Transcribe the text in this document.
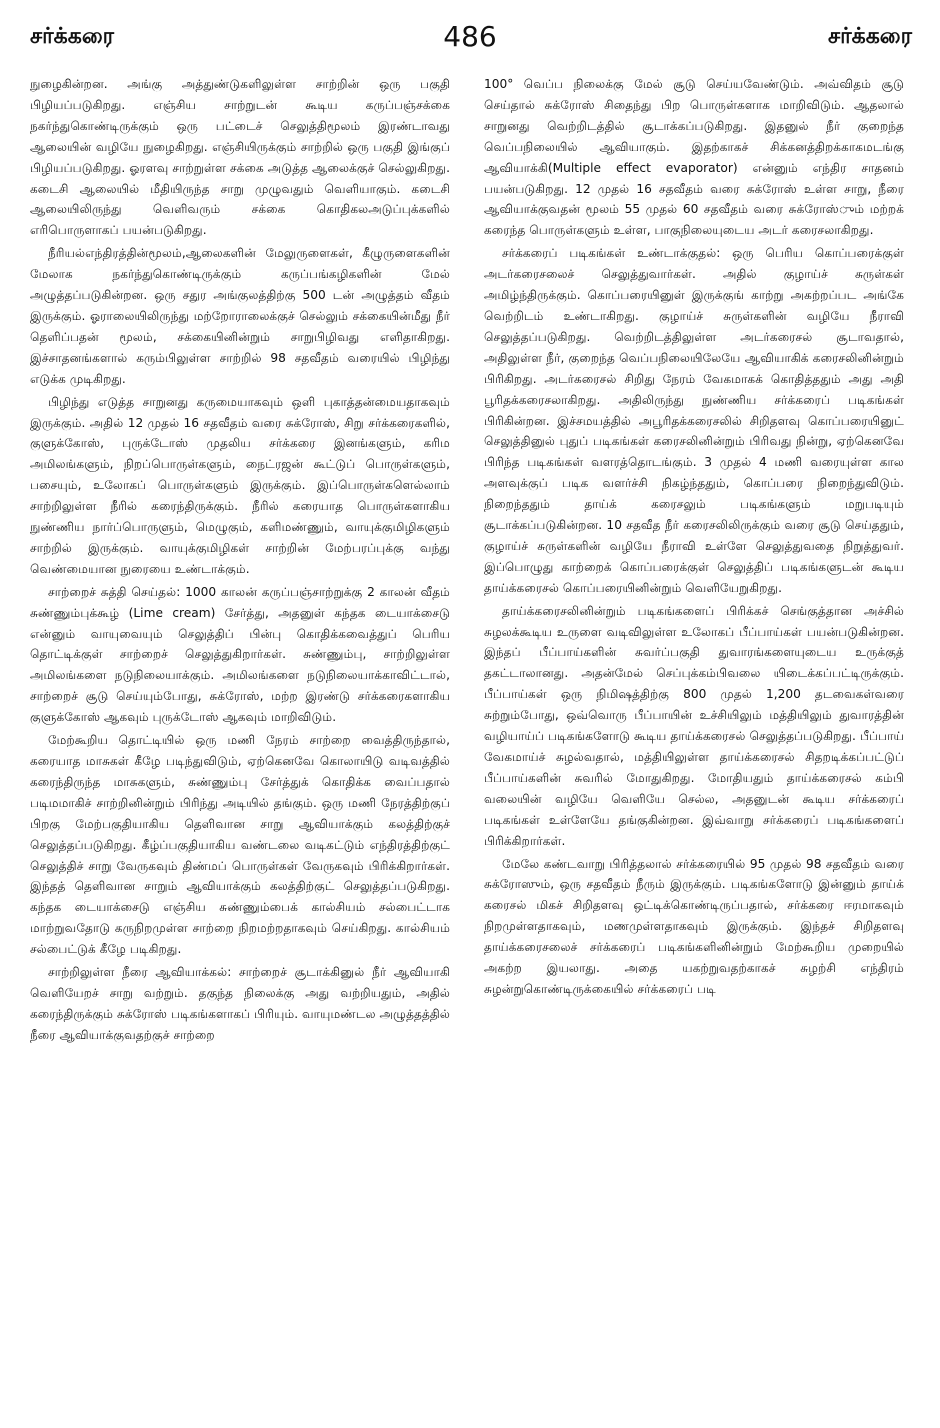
சர்க்கரை	486	சர்க்கரை

நுழைகின்றன. அங்கு அத்துண்டுகளிலுள்ள சாற்றின் ஒரு பகுதி பிழியப்படுகிறது. எஞ்சிய சாற்றுடன் கூடிய கருப்பஞ்சக்கை நகர்ந்துகொண்டிருக்கும் ஒரு பட்டைச் செலுத்திமூலம் இரண்டாவது ஆலையின் வழியே நுழைகிறது. எஞ்சியிருக்கும் சாற்றில் ஒரு பகுதி இங்குப் பிழியப்படுகிறது. ஓரளவு சாற்றுள்ள சக்கை அடுத்த ஆலைக்குச் செல்லுகிறது. கடைசி ஆலையில் மீதியிருந்த சாறு முழுவதும் வெளியாகும். கடைசி ஆலையிலிருந்து வெளிவரும் சக்கை கொதிகலஅடுப்புக்களில் எரிபொருளாகப் பயன்படுகிறது.

நீரியல்எந்திரத்தின்மூலம்,ஆலைகளின் மேலுருளைகள், கீழுருளைகளின் மேலாக நகர்ந்துகொண்டிருக்கும் கருப்பங்கழிகளின் மேல் அழுத்தப்படுகின்றன. ஒரு சதுர அங்குலத்திற்கு 500 டன் அழுத்தம் வீதம் இருக்கும். ஓராலையிலிருந்து மற்றோராலைக்குச் செல்லும் சக்கையின்மீது நீர் தெளிப்பதன் மூலம், சக்கையினின்றும் சாறுபிழிவது எளிதாகிறது. இச்சாதனங்களால் கரும்பிலுள்ள சாற்றில் 98 சதவீதம் வரையில் பிழிந்து எடுக்க முடிகிறது.

பிழிந்து எடுத்த சாறுனது கருமையாகவும் ஒளி புகாத்தன்மையதாகவும் இருக்கும். அதில் 12 முதல் 16 சதவீதம் வரை சுக்ரோஸ், சிறு சர்க்கரைகளில், குளுக்கோஸ், புருக்டோஸ் முதலிய சர்க்கரை இனங்களும், கரிம அமிலங்களும், நிறப்பொருள்களும், நைட்ரஜன் கூட்டுப் பொருள்களும், பசையும், உலோகப் பொருள்களும் இருக்கும். இப்பொருள்களெல்லாம் சாற்றிலுள்ள நீரில் கரைந்திருக்கும். நீரில் கரையாத பொருள்களாகிய நுண்ணிய நார்ப்பொருளும், மெழுகும், களிமண்ணும், வாயுக்குமிழிகளும் சாற்றில் இருக்கும். வாயுக்குமிழிகள் சாற்றின் மேற்பரப்புக்கு வந்து வெண்மையான நுரையை உண்டாக்கும்.

சாற்றைச் சுத்தி செய்தல்: 1000 காலன் கருப்பஞ்சாற்றுக்கு 2 காலன் வீதம் சுண்ணும்புக்கூழ் (Lime cream) சேர்த்து, அதனுள் கந்தக டையாக்சைடு என்னும் வாயுவையும் செலுத்திப் பின்பு கொதிக்கவைத்துப் பெரிய தொட்டிக்குள் சாற்றைச் செலுத்துகிறார்கள். சுண்ணும்பு, சாற்றிலுள்ள அமிலங்களை நடுநிலையாக்கும். அமிலங்களை நடுநிலையாக்காவிட்டால், சாற்றைச் சூடு செய்யும்போது, சுக்ரோஸ், மற்ற இரண்டு சர்க்கரைகளாகிய குளுக்கோஸ் ஆகவும் புருக்டோஸ் ஆகவும் மாறிவிடும்.

மேற்கூறிய தொட்டியில் ஒரு மணி நேரம் சாற்றை வைத்திருந்தால், கரையாத மாசுகள் கீழே படிந்துவிடும், ஏற்கெனவே கொலாயிடு வடிவத்தில் கரைந்திருந்த மாசுகளும், சுண்ணும்பு சேர்த்துக் கொதிக்க வைப்பதால் படிமமாகிச் சாற்றினின்றும் பிரிந்து அடியில் தங்கும். ஒரு மணி நேரத்திற்குப் பிறகு மேற்பகுதியாகிய தெளிவான சாறு ஆவியாக்கும் கலத்திற்குச் செலுத்தப்படுகிறது. கீழ்ப்பகுதியாகிய வண்டலை வடிகட்டும் எந்திரத்திற்குட் செலுத்திச் சாறு வேருகவும் திண்மப் பொருள்கள் வேருகவும் பிரிக்கிறார்கள். இந்தத் தெளிவான சாறும் ஆவியாக்கும் கலத்திற்குட் செலுத்தப்படுகிறது. கந்தக டையாக்சைடு எஞ்சிய சுண்ணும்பைக் கால்சியம் சல்பைட்டாக மாற்றுவதோடு கருநிறமுள்ள சாற்றை நிறமற்றதாகவும் செய்கிறது. கால்சியம் சல்பைட்டுக் கீழே படிகிறது.

சாற்றிலுள்ள நீரை ஆவியாக்கல்: சாற்றைச் சூடாக்கினுல் நீர் ஆவியாகி வெளியேறச் சாறு வற்றும். தகுந்த நிலைக்கு அது வற்றியதும், அதில் கரைந்திருக்கும் சுக்ரோஸ் படிகங்களாகப் பிரியும். வாயுமண்டல அழுத்தத்தில் நீரை ஆவியாக்குவதற்குச் சாற்றை

100° வெப்ப நிலைக்கு மேல் சூடு செய்யவேண்டும். அவ்விதம் சூடு செய்தால் சுக்ரோஸ் சிதைந்து பிற பொருள்களாக மாறிவிடும். ஆதலால் சாறுனது வெற்றிடத்தில் சூடாக்கப்படுகிறது. இதனுல் நீர் குறைந்த வெப்பநிலையில் ஆவியாகும். இதற்காகச் சிக்கனத்திறக்காகமடங்கு ஆவியாக்கி(Multiple effect evaporator) என்னும் எந்திர சாதனம் பயன்படுகிறது. 12 முதல் 16 சதவீதம் வரை சுக்ரோஸ் உள்ள சாறு, நீரை ஆவியாக்குவதன் மூலம் 55 முதல் 60 சதவீதம் வரை சுக்ரோஸ்ும் மற்றக் கரைந்த பொருள்களும் உள்ள, பாகுநிலையுடைய அடர் கரைசலாகிறது.

சர்க்கரைப் படிகங்கள் உண்டாக்குதல்: ஒரு பெரிய கொப்பரைக்குள் அடர்கரைசலைச் செலுத்துவார்கள். அதில் குழாய்ச் சுருள்கள் அமிழ்ந்திருக்கும். கொப்பரையினுள் இருக்குங் காற்று அகற்றப்பட அங்கே வெற்றிடம் உண்டாகிறது. குழாய்ச் சுருள்களின் வழியே நீராவி செலுத்தப்படுகிறது. வெற்றிடத்திலுள்ள அடர்கரைசல் சூடாவதால், அதிலுள்ள நீர், குறைந்த வெப்பநிலையிலேயே ஆவியாகிக் கரைசலினின்றும் பிரிகிறது. அடர்கரைசல் சிறிது நேரம் வேகமாகக் கொதித்ததும் அது அதி பூரிதக்கரைசலாகிறது. அதிலிருந்து நுண்ணிய சர்க்கரைப் படிகங்கள் பிரிகின்றன. இச்சமயத்தில் அபூரிதக்கரைசலில் சிறிதளவு கொப்பரையினுட் செலுத்தினுல் புதுப் படிகங்கள் கரைசலினின்றும் பிரிவது நின்று, ஏற்கெனவே பிரிந்த படிகங்கள் வளரத்தொடங்கும். 3 முதல் 4 மணி வரையுள்ள கால அளவுக்குப் படிக வளர்ச்சி நிகழ்ந்ததும், கொப்பரை நிறைந்துவிடும். நிறைந்ததும் தாய்க் கரைசலும் படிகங்களும் மறுபடியும் சூடாக்கப்படுகின்றன. 10 சதவீத நீர் கரைசலிலிருக்கும் வரை சூடு செய்ததும், குழாய்ச் சுருள்களின் வழியே நீராவி உள்ளே செலுத்துவதை நிறுத்துவர். இப்பொழுது காற்றைக் கொப்பரைக்குள் செலுத்திப் படிகங்களுடன் கூடிய தாய்க்கரைசல் கொப்பரையினின்றும் வெளியேறுகிறது.

தாய்க்கரைசலினின்றும் படிகங்களைப் பிரிக்கச் செங்குத்தான அச்சில் சுழலக்கூடிய உருளை வடிவிலுள்ள உலோகப் பீப்பாய்கள் பயன்படுகின்றன. இந்தப் பீப்பாய்களின் சுவர்ப்பகுதி துவாரங்களையுடைய உருக்குத் தகட்டாலானது. அதன்மேல் செப்புக்கம்பிவலை யிடைக்கப்பட்டிருக்கும். பீப்பாய்கள் ஒரு நிமிஷத்திற்கு 800 முதல் 1,200 தடவைகள்வரை சுற்றும்போது, ஒவ்வொரு பீப்பாயின் உச்சியிலும் மத்தியிலும் துவாரத்தின் வழியாய்ப் படிகங்களோடு கூடிய தாய்க்கரைசல் செலுத்தப்படுகிறது. பீப்பாய் வேகமாய்ச் சுழல்வதால், மத்தியிலுள்ள தாய்க்கரைசல் சிதறடிக்கப்பட்டுப் பீப்பாய்களின் சுவரில் மோதுகிறது. மோதியதும் தாய்க்கரைசல் கம்பி வலையின் வழியே வெளியே செல்ல, அதனுடன் கூடிய சர்க்கரைப் படிகங்கள் உள்ளேயே தங்குகின்றன. இவ்வாறு சர்க்கரைப் படிகங்களைப் பிரிக்கிறார்கள்.

மேலே கண்டவாறு பிரித்தலால் சர்க்கரையில் 95 முதல் 98 சதவீதம் வரை சுக்ரோஸும், ஒரு சதவீதம் நீரும் இருக்கும். படிகங்களோடு இன்னும் தாய்க் கரைசல் மிகச் சிறிதளவு ஒட்டிக்கொண்டிருப்பதால், சர்க்கரை ஈரமாகவும் நிறமுள்ளதாகவும், மணமுள்ளதாகவும் இருக்கும். இந்தச் சிறிதளவு தாய்க்கரைசலைச் சர்க்கரைப் படிகங்களினின்றும் மேற்கூறிய முறையில் அகற்ற இயலாது. அதை யகற்றுவதற்காகச் சுழற்சி எந்திரம் சுழன்றுகொண்டிருக்கையில் சர்க்கரைப் படி
